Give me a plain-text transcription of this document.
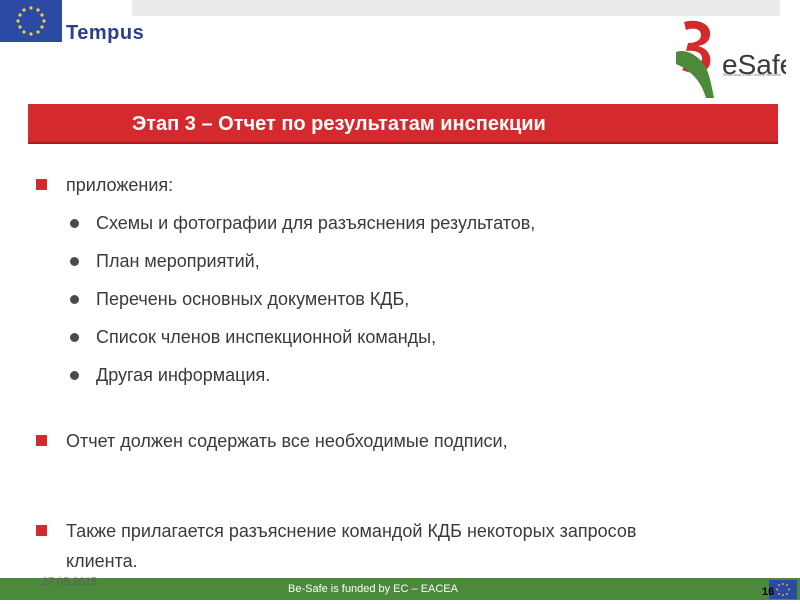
Tempus
eSaf
Belarusian Road Safety Network
Этап 3 – Отчет по результатам инспекции
приложения:
Схемы и фотографии для разъяснения результатов,
План мероприятий,
Перечень основных документов КДБ,
Список членов инспекционной команды,
Другая информация.
Отчет должен содержать все необходимые подписи,
Также прилагается разъяснение командой КДБ некоторых запросов клиента.
27.05.2015
Be-Safe is funded by EC – EACEA	16
